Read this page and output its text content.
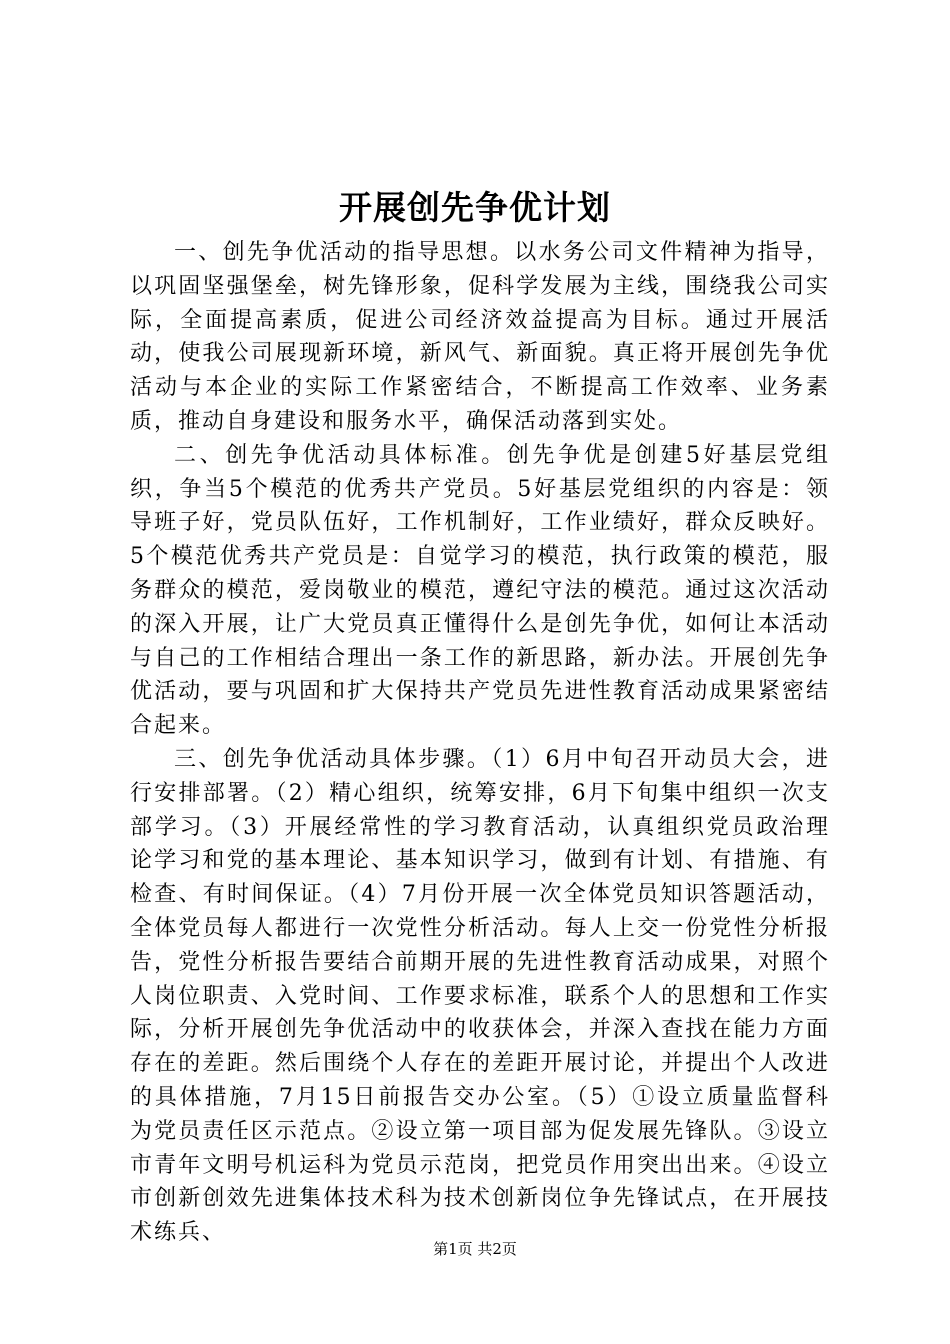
开展创先争优计划

一、创先争优活动的指导思想。以水务公司文件精神为指导，以巩固坚强堡垒，树先锋形象，促科学发展为主线，围绕我公司实际，全面提高素质，促进公司经济效益提高为目标。通过开展活动，使我公司展现新环境，新风气、新面貌。真正将开展创先争优活动与本企业的实际工作紧密结合，不断提高工作效率、业务素质，推动自身建设和服务水平，确保活动落到实处。

二、创先争优活动具体标准。创先争优是创建5好基层党组织，争当5个模范的优秀共产党员。5好基层党组织的内容是：领导班子好，党员队伍好，工作机制好，工作业绩好，群众反映好。5个模范优秀共产党员是：自觉学习的模范，执行政策的模范，服务群众的模范，爱岗敬业的模范，遵纪守法的模范。通过这次活动的深入开展，让广大党员真正懂得什么是创先争优，如何让本活动与自己的工作相结合理出一条工作的新思路，新办法。开展创先争优活动，要与巩固和扩大保持共产党员先进性教育活动成果紧密结合起来。

三、创先争优活动具体步骤。（1）6月中旬召开动员大会，进行安排部署。（2）精心组织，统筹安排，6月下旬集中组织一次支部学习。（3）开展经常性的学习教育活动，认真组织党员政治理论学习和党的基本理论、基本知识学习，做到有计划、有措施、有检查、有时间保证。（4）7月份开展一次全体党员知识答题活动，全体党员每人都进行一次党性分析活动。每人上交一份党性分析报告，党性分析报告要结合前期开展的先进性教育活动成果，对照个人岗位职责、入党时间、工作要求标准，联系个人的思想和工作实际，分析开展创先争优活动中的收获体会，并深入查找在能力方面存在的差距。然后围绕个人存在的差距开展讨论，并提出个人改进的具体措施，7月15日前报告交办公室。（5）①设立质量监督科为党员责任区示范点。②设立第一项目部为促发展先锋队。③设立市青年文明号机运科为党员示范岗，把党员作用突出出来。④设立市创新创效先进集体技术科为技术创新岗位争先锋试点，在开展技术练兵、

第1页 共2页
